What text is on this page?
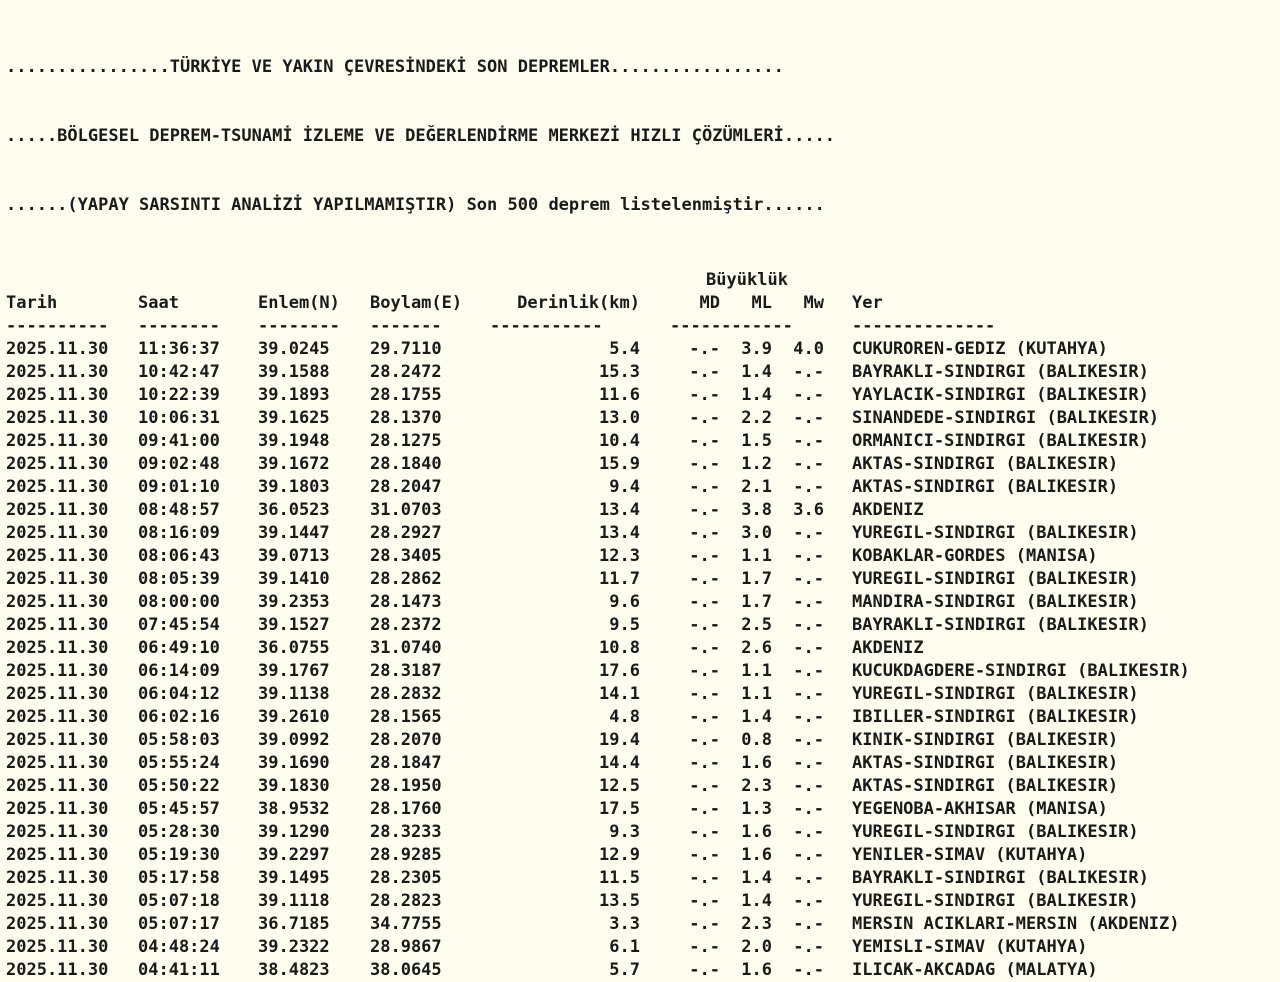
................TÜRKİYE VE YAKIN ÇEVRESİNDEKİ SON DEPREMLER.................

.....BÖLGESEL DEPREM-TSUNAMİ İZLEME VE DEĞERLENDİRME MERKEZİ HIZLI ÇÖZÜMLERİ.....

......(YAPAY SARSINTI ANALİZİ YAPILMAMIŞTIR) Son 500 deprem listelenmiştir......

					Büyüklük			
Tarih	Saat	Enlem(N)	Boylam(E)	Derinlik(km)	MD	ML	Mw	Yer
----------	--------	--------	-------	-----------	------------			--------------
2025.11.30	11:36:37	39.0245	29.7110	5.4	-.-	3.9	4.0	CUKUROREN-GEDIZ (KUTAHYA)
2025.11.30	10:42:47	39.1588	28.2472	15.3	-.-	1.4	-.-	BAYRAKLI-SINDIRGI (BALIKESIR)
2025.11.30	10:22:39	39.1893	28.1755	11.6	-.-	1.4	-.-	YAYLACIK-SINDIRGI (BALIKESIR)
2025.11.30	10:06:31	39.1625	28.1370	13.0	-.-	2.2	-.-	SINANDEDE-SINDIRGI (BALIKESIR)
2025.11.30	09:41:00	39.1948	28.1275	10.4	-.-	1.5	-.-	ORMANICI-SINDIRGI (BALIKESIR)
2025.11.30	09:02:48	39.1672	28.1840	15.9	-.-	1.2	-.-	AKTAS-SINDIRGI (BALIKESIR)
2025.11.30	09:01:10	39.1803	28.2047	9.4	-.-	2.1	-.-	AKTAS-SINDIRGI (BALIKESIR)
2025.11.30	08:48:57	36.0523	31.0703	13.4	-.-	3.8	3.6	AKDENIZ
2025.11.30	08:16:09	39.1447	28.2927	13.4	-.-	3.0	-.-	YUREGIL-SINDIRGI (BALIKESIR)
2025.11.30	08:06:43	39.0713	28.3405	12.3	-.-	1.1	-.-	KOBAKLAR-GORDES (MANISA)
2025.11.30	08:05:39	39.1410	28.2862	11.7	-.-	1.7	-.-	YUREGIL-SINDIRGI (BALIKESIR)
2025.11.30	08:00:00	39.2353	28.1473	9.6	-.-	1.7	-.-	MANDIRA-SINDIRGI (BALIKESIR)
2025.11.30	07:45:54	39.1527	28.2372	9.5	-.-	2.5	-.-	BAYRAKLI-SINDIRGI (BALIKESIR)
2025.11.30	06:49:10	36.0755	31.0740	10.8	-.-	2.6	-.-	AKDENIZ
2025.11.30	06:14:09	39.1767	28.3187	17.6	-.-	1.1	-.-	KUCUKDAGDERE-SINDIRGI (BALIKESIR)
2025.11.30	06:04:12	39.1138	28.2832	14.1	-.-	1.1	-.-	YUREGIL-SINDIRGI (BALIKESIR)
2025.11.30	06:02:16	39.2610	28.1565	4.8	-.-	1.4	-.-	IBILLER-SINDIRGI (BALIKESIR)
2025.11.30	05:58:03	39.0992	28.2070	19.4	-.-	0.8	-.-	KINIK-SINDIRGI (BALIKESIR)
2025.11.30	05:55:24	39.1690	28.1847	14.4	-.-	1.6	-.-	AKTAS-SINDIRGI (BALIKESIR)
2025.11.30	05:50:22	39.1830	28.1950	12.5	-.-	2.3	-.-	AKTAS-SINDIRGI (BALIKESIR)
2025.11.30	05:45:57	38.9532	28.1760	17.5	-.-	1.3	-.-	YEGENOBA-AKHISAR (MANISA)
2025.11.30	05:28:30	39.1290	28.3233	9.3	-.-	1.6	-.-	YUREGIL-SINDIRGI (BALIKESIR)
2025.11.30	05:19:30	39.2297	28.9285	12.9	-.-	1.6	-.-	YENILER-SIMAV (KUTAHYA)
2025.11.30	05:17:58	39.1495	28.2305	11.5	-.-	1.4	-.-	BAYRAKLI-SINDIRGI (BALIKESIR)
2025.11.30	05:07:18	39.1118	28.2823	13.5	-.-	1.4	-.-	YUREGIL-SINDIRGI (BALIKESIR)
2025.11.30	05:07:17	36.7185	34.7755	3.3	-.-	2.3	-.-	MERSIN ACIKLARI-MERSIN (AKDENIZ)
2025.11.30	04:48:24	39.2322	28.9867	6.1	-.-	2.0	-.-	YEMISLI-SIMAV (KUTAHYA)
2025.11.30	04:41:11	38.4823	38.0645	5.7	-.-	1.6	-.-	ILICAK-AKCADAG (MALATYA)
